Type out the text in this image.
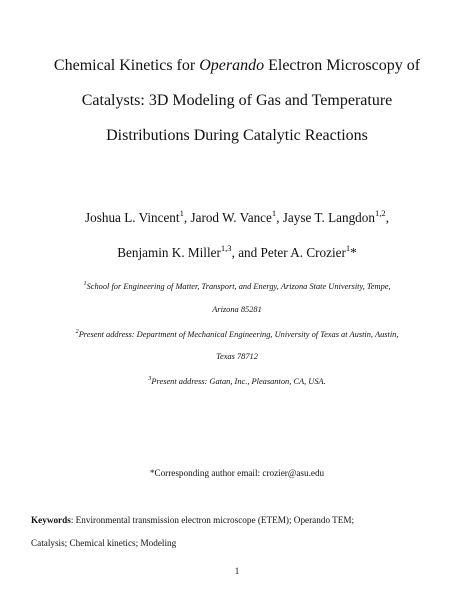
Chemical Kinetics for Operando Electron Microscopy of
Catalysts: 3D Modeling of Gas and Temperature
Distributions During Catalytic Reactions
Joshua L. Vincent$^1$, Jarod W. Vance$^1$, Jayse T. Langdon$^{1,2}$,
Benjamin K. Miller$^{1,3}$, and Peter A. Crozier$^1$*
$^1$School for Engineering of Matter, Transport, and Energy, Arizona State University, Tempe,
Arizona 85281
$^2$Present address: Department of Mechanical Engineering, University of Texas at Austin, Austin,
Texas 78712
$^3$Present address: Gatan, Inc., Pleasanton, CA, USA.
*Corresponding author email: crozier@asu.edu
Keywords: Environmental transmission electron microscope (ETEM); Operando TEM;
Catalysis; Chemical kinetics; Modeling
1
